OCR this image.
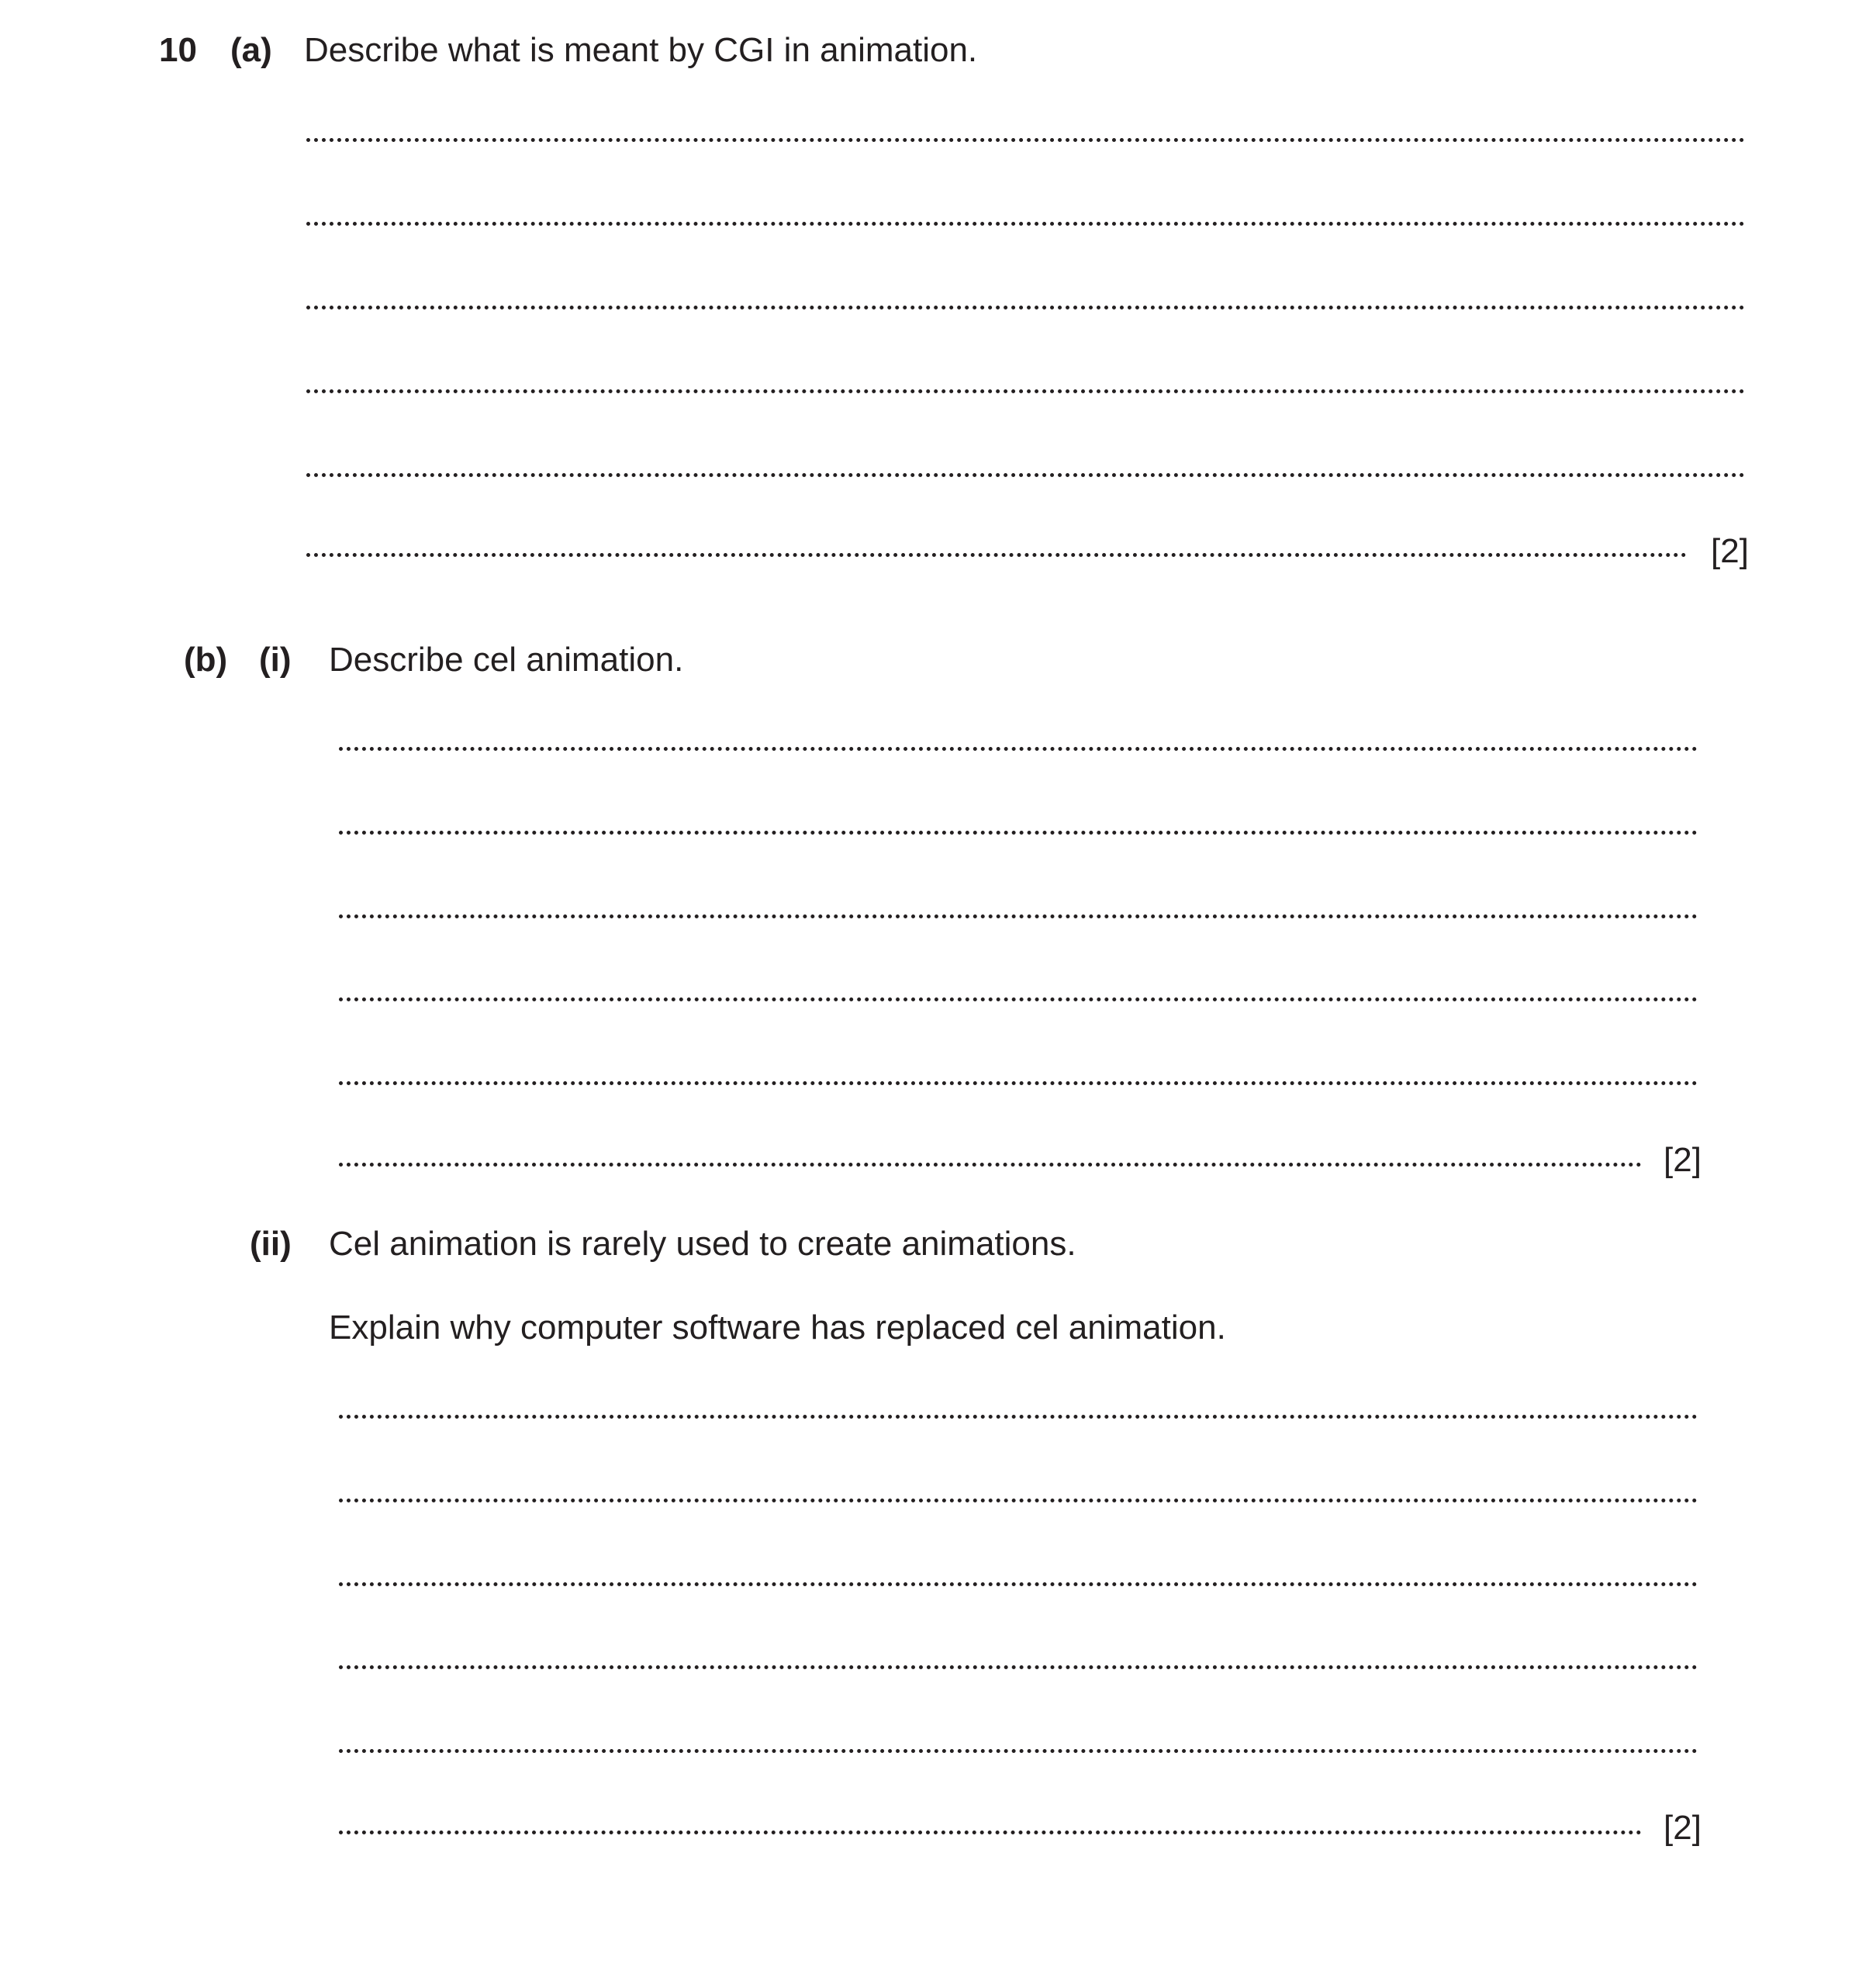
10 (a) Describe what is meant by CGI in animation.
[2]
(b) (i) Describe cel animation.
[2]
(ii) Cel animation is rarely used to create animations.
Explain why computer software has replaced cel animation.
[2]
